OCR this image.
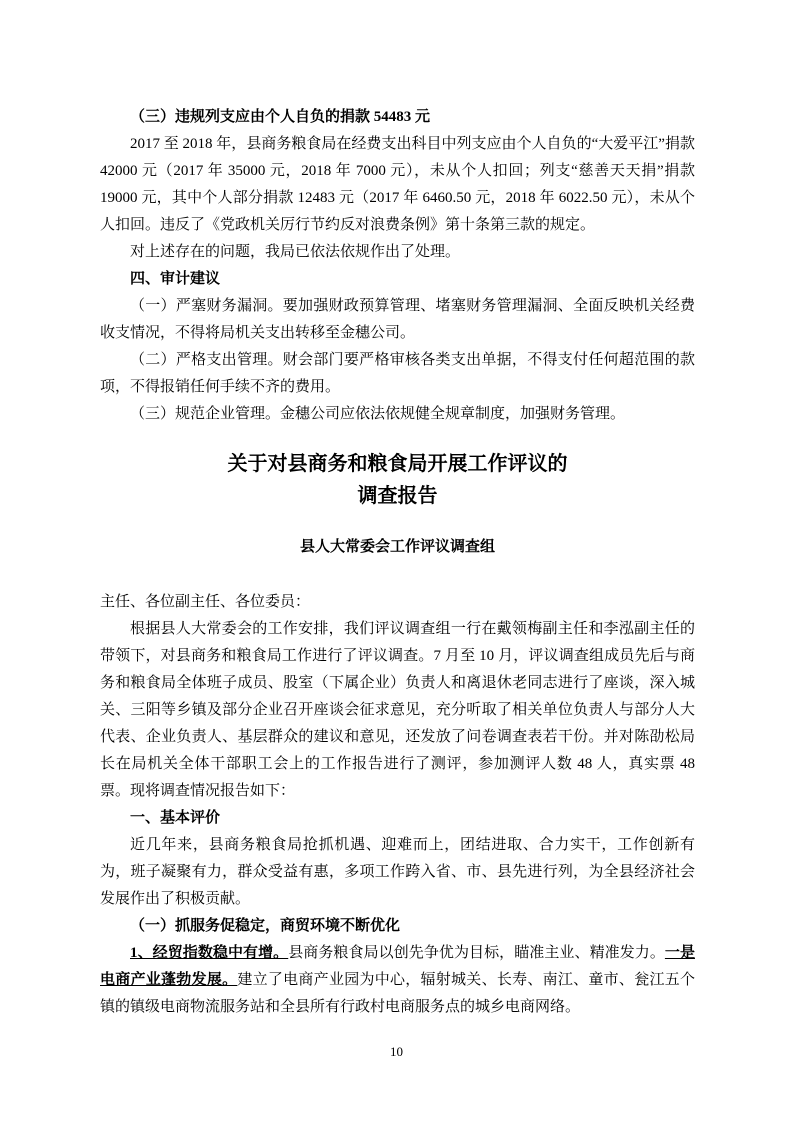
（三）违规列支应由个人自负的捐款 54483 元

2017 至 2018 年，县商务粮食局在经费支出科目中列支应由个人自负的“大爱平江”捐款 42000 元（2017 年 35000 元，2018 年 7000 元），未从个人扣回；列支“慈善天天捐”捐款 19000 元，其中个人部分捐款 12483 元（2017 年 6460.50 元，2018 年 6022.50 元），未从个人扣回。违反了《党政机关厉行节约反对浪费条例》第十条第三款的规定。

对上述存在的问题，我局已依法依规作出了处理。

四、审计建议

（一）严塞财务漏洞。要加强财政预算管理、堵塞财务管理漏洞、全面反映机关经费收支情况，不得将局机关支出转移至金穗公司。

（二）严格支出管理。财会部门要严格审核各类支出单据，不得支付任何超范围的款项，不得报销任何手续不齐的费用。

（三）规范企业管理。金穗公司应依法依规健全规章制度，加强财务管理。

关于对县商务和粮食局开展工作评议的

调查报告

县人大常委会工作评议调查组

主任、各位副主任、各位委员：

根据县人大常委会的工作安排，我们评议调查组一行在戴领梅副主任和李泓副主任的带领下，对县商务和粮食局工作进行了评议调查。7 月至 10 月，评议调查组成员先后与商务和粮食局全体班子成员、股室（下属企业）负责人和离退休老同志进行了座谈，深入城关、三阳等乡镇及部分企业召开座谈会征求意见，充分听取了相关单位负责人与部分人大代表、企业负责人、基层群众的建议和意见，还发放了问卷调查表若干份。并对陈劭松局长在局机关全体干部职工会上的工作报告进行了测评，参加测评人数 48 人，真实票 48 票。现将调查情况报告如下：

一、基本评价

近几年来，县商务粮食局抢抓机遇、迎难而上，团结进取、合力实干，工作创新有为，班子凝聚有力，群众受益有惠，多项工作跨入省、市、县先进行列，为全县经济社会发展作出了积极贡献。

（一）抓服务促稳定，商贸环境不断优化

1、经贸指数稳中有增。县商务粮食局以创先争优为目标，瞄准主业、精准发力。一是电商产业蓬勃发展。建立了电商产业园为中心，辐射城关、长寿、南江、童市、瓮江五个镇的镇级电商物流服务站和全县所有行政村电商服务点的城乡电商网络。

10
